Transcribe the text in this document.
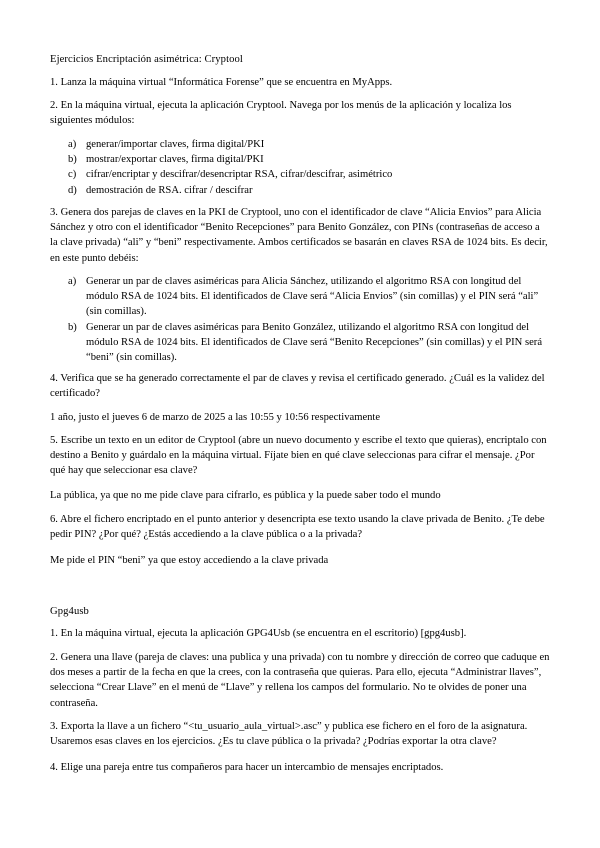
Ejercicios Encriptación asimétrica: Cryptool

1. Lanza la máquina virtual “Informática Forense” que se encuentra en MyApps.

2. En la máquina virtual, ejecuta la aplicación Cryptool. Navega por los menús de la aplicación y localiza los siguientes módulos:

a) generar/importar claves, firma digital/PKI
b) mostrar/exportar claves, firma digital/PKI
c) cifrar/encriptar y descifrar/desencriptar RSA, cifrar/descifrar, asimétrico
d) demostración de RSA. cifrar / descifrar

3. Genera dos parejas de claves en la PKI de Cryptool, uno con el identificador de clave “Alicia Envios” para Alicia Sánchez y otro con el identificador “Benito Recepciones” para Benito González, con PINs (contraseñas de acceso a la clave privada) “ali” y “beni” respectivamente. Ambos certificados se basarán en claves RSA de 1024 bits. Es decir, en este punto debéis:

a) Generar un par de claves asiméricas para Alicia Sánchez, utilizando el algoritmo RSA con longitud del módulo RSA de 1024 bits. El identificados de Clave será “Alicia Envios” (sin comillas) y el PIN será “ali” (sin comillas).
b) Generar un par de claves asiméricas para Benito González, utilizando el algoritmo RSA con longitud del módulo RSA de 1024 bits. El identificados de Clave será “Benito Recepciones” (sin comillas) y el PIN será “beni” (sin comillas).

4. Verifica que se ha generado correctamente el par de claves y revisa el certificado generado. ¿Cuál es la validez del certificado?

1 año, justo el jueves 6 de marzo de 2025 a las 10:55 y 10:56 respectivamente

5. Escribe un texto en un editor de Cryptool (abre un nuevo documento y escribe el texto que quieras), encriptalo con destino a Benito y guárdalo en la máquina virtual. Fíjate bien en qué clave seleccionas para cifrar el mensaje. ¿Por qué hay que seleccionar esa clave?

La pública, ya que no me pide clave para cifrarlo, es pública y la puede saber todo el mundo

6. Abre el fichero encriptado en el punto anterior y desencripta ese texto usando la clave privada de Benito. ¿Te debe pedir PIN? ¿Por qué? ¿Estás accediendo a la clave pública o a la privada?

Me pide el PIN “beni” ya que estoy accediendo a la clave privada

Gpg4usb

1. En la máquina virtual, ejecuta la aplicación GPG4Usb (se encuentra en el escritorio) [gpg4usb].

2. Genera una llave (pareja de claves: una publica y una privada) con tu nombre y dirección de correo que caduque en dos meses a partir de la fecha en que la crees, con la contraseña que quieras. Para ello, ejecuta “Administrar llaves”, selecciona “Crear Llave” en el menú de “Llave” y rellena los campos del formulario. No te olvides de poner una contraseña.

3. Exporta la llave a un fichero “<tu_usuario_aula_virtual>.asc” y publica ese fichero en el foro de la asignatura. Usaremos esas claves en los ejercicios. ¿Es tu clave pública o la privada? ¿Podrías exportar la otra clave?

4. Elige una pareja entre tus compañeros para hacer un intercambio de mensajes encriptados.
